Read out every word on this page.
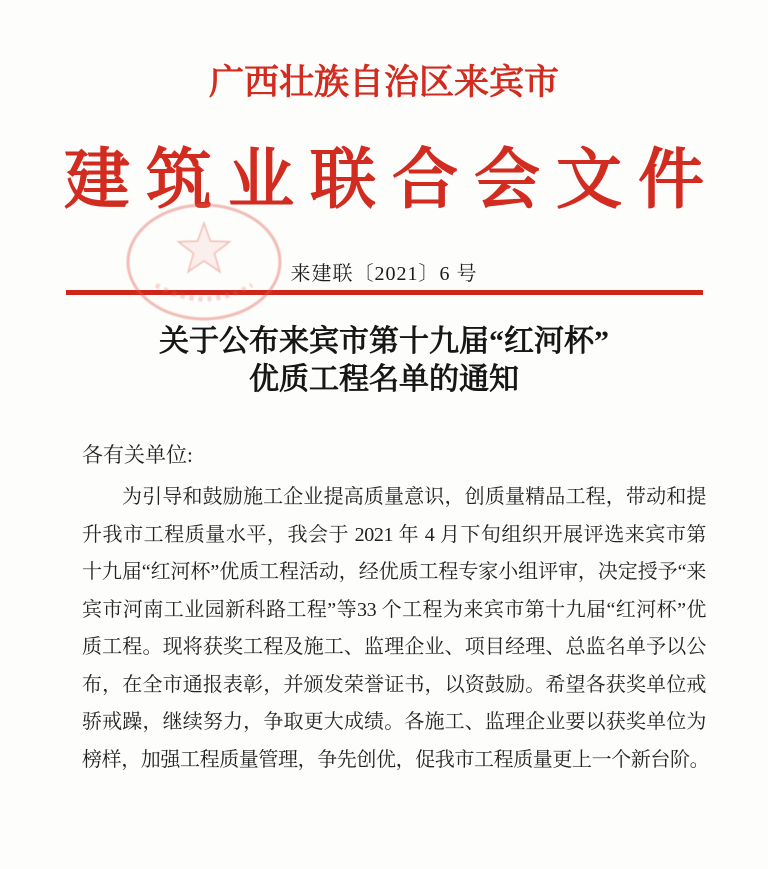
广西壮族自治区来宾市
建筑业联合会文件
来建联〔2021〕6 号
关于公布来宾市第十九届“红河杯”
优质工程名单的通知
各有关单位:
为引导和鼓励施工企业提高质量意识，创质量精品工程，带动和提
升我市工程质量水平，我会于 2021 年 4 月下旬组织开展评选来宾市第
十九届“红河杯”优质工程活动，经优质工程专家小组评审，决定授予“来
宾市河南工业园新科路工程”等33 个工程为来宾市第十九届“红河杯”优
质工程。现将获奖工程及施工、监理企业、项目经理、总监名单予以公
布，在全市通报表彰，并颁发荣誉证书，以资鼓励。希望各获奖单位戒
骄戒躁，继续努力，争取更大成绩。各施工、监理企业要以获奖单位为
榜样，加强工程质量管理，争先创优，促我市工程质量更上一个新台阶。
